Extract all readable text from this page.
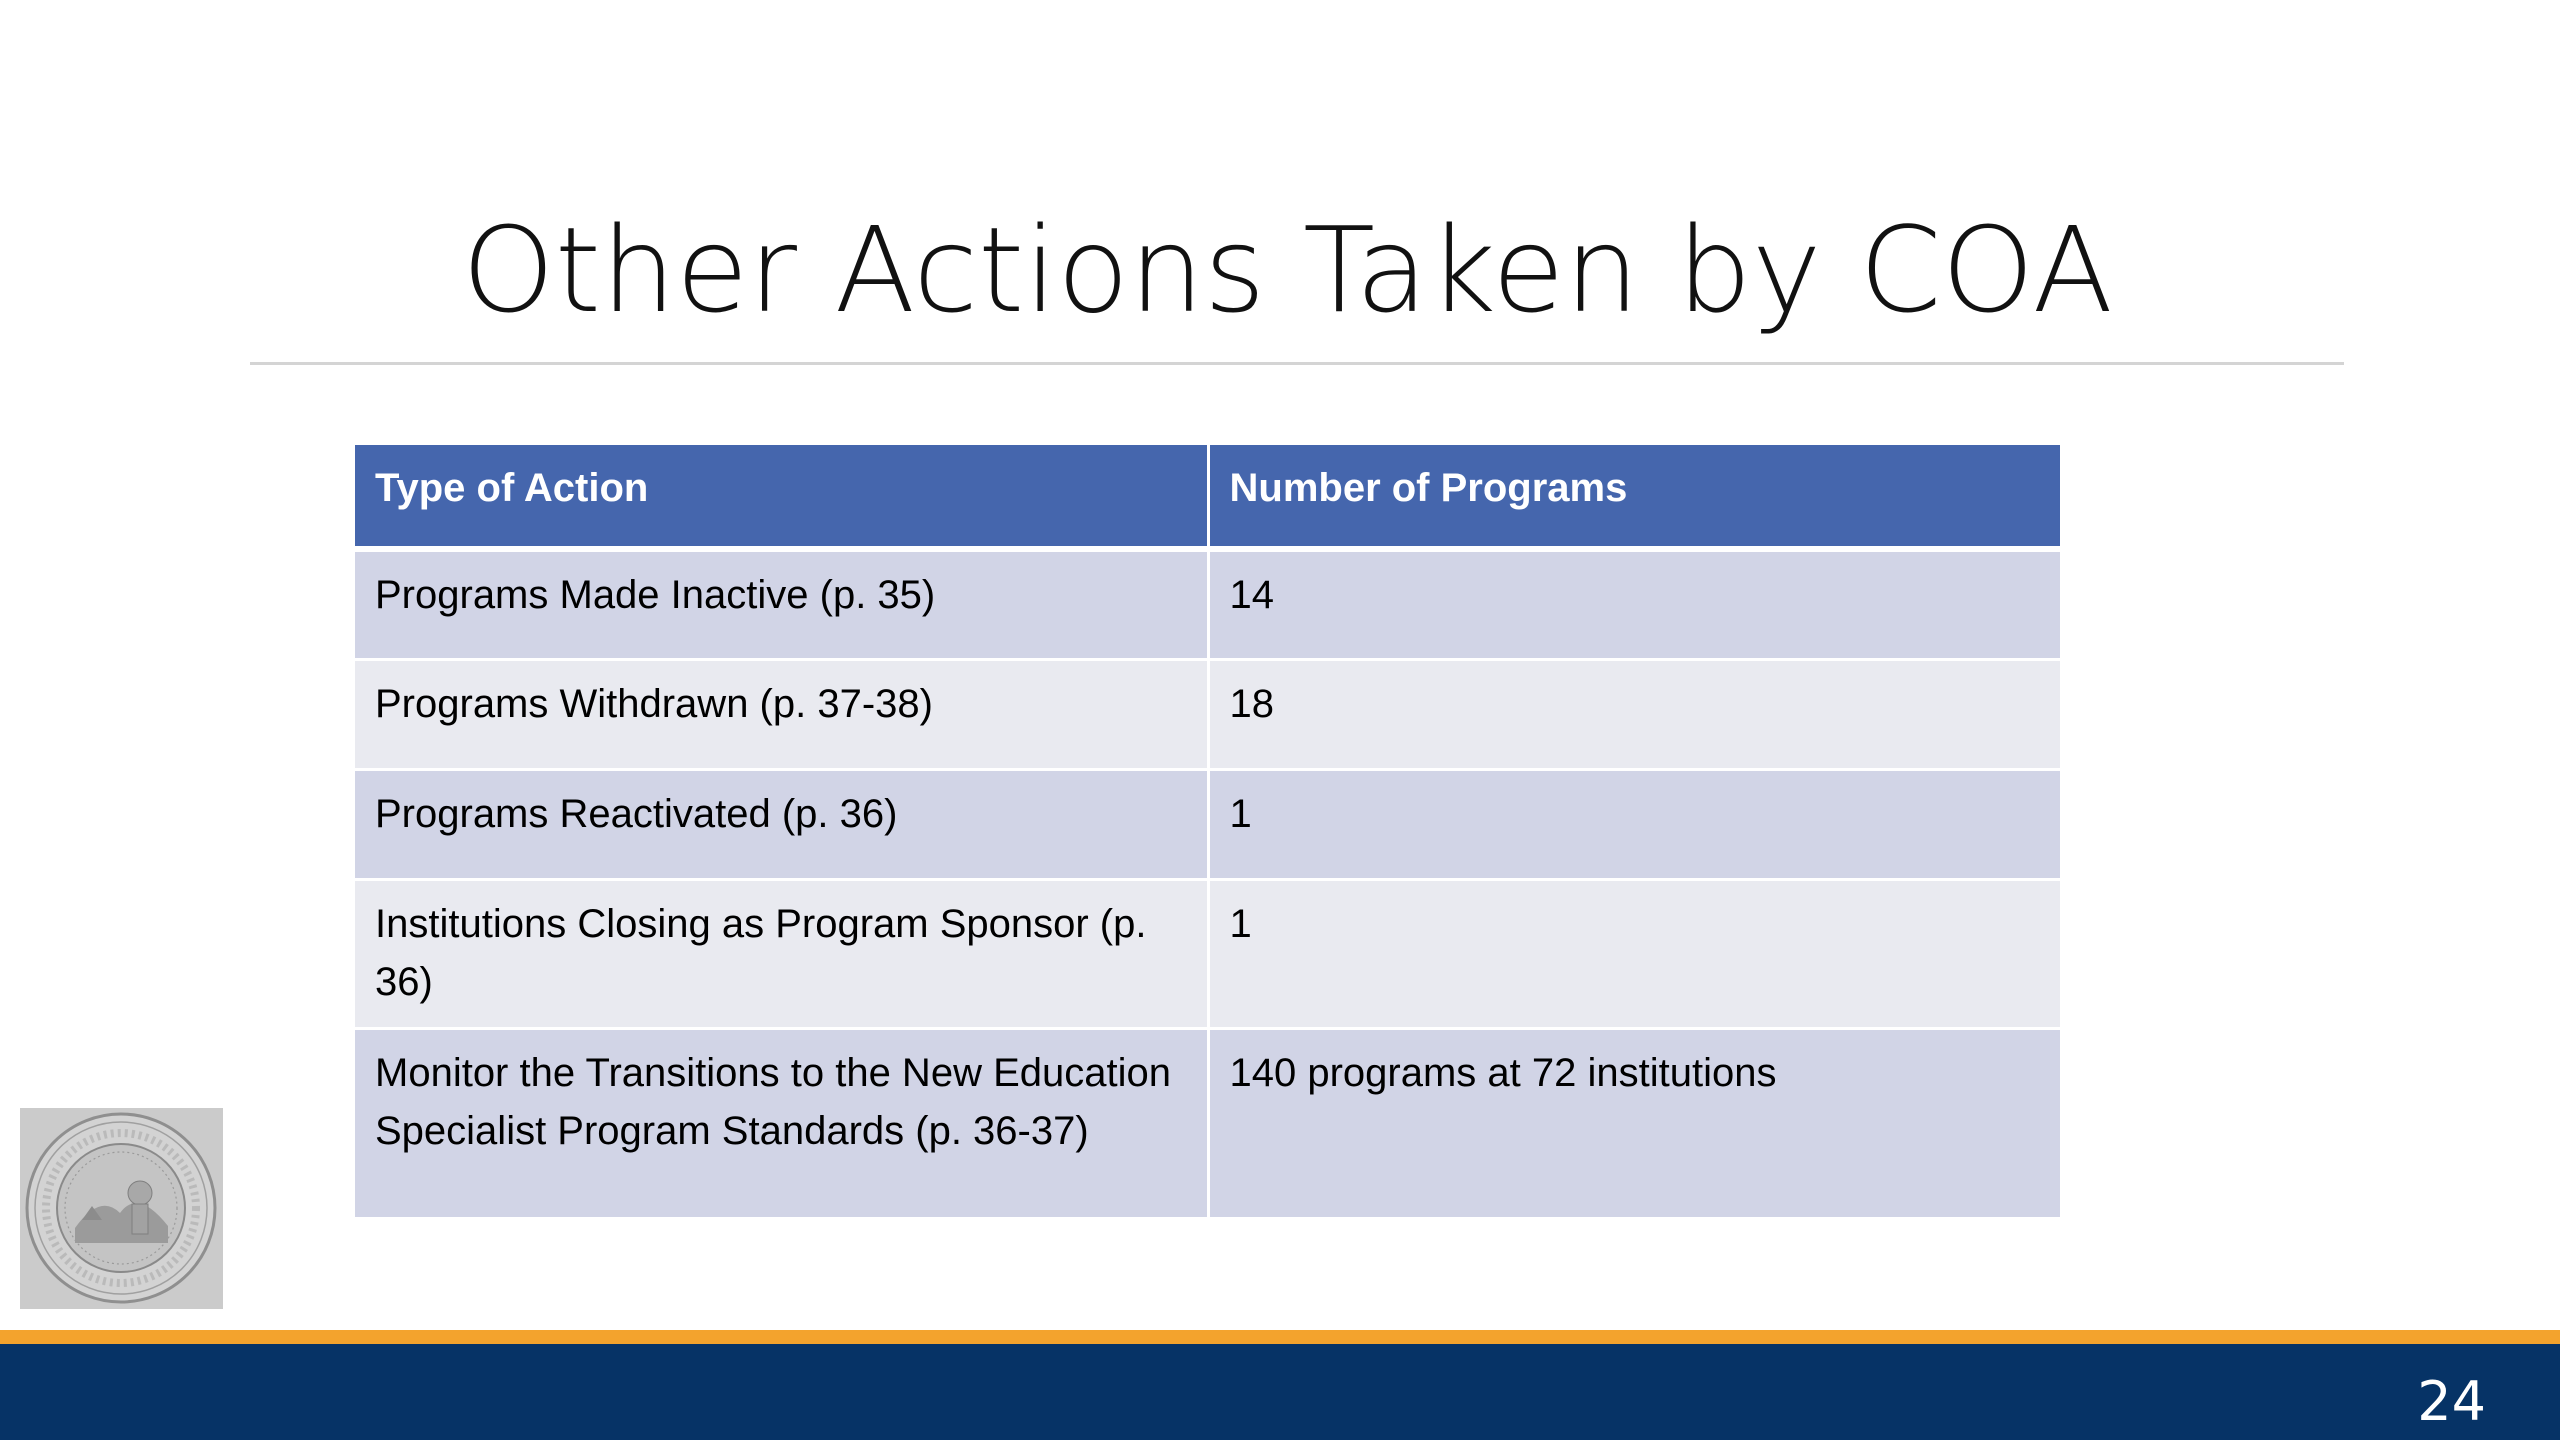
Other Actions Taken by COA
Type of Action	Number of Programs
Programs Made Inactive (p. 35)	14
Programs Withdrawn (p. 37-38)	18
Programs Reactivated (p. 36)	1
Institutions Closing as Program Sponsor (p. 36)	1
Monitor the Transitions to the New Education Specialist Program Standards (p. 36-37)	140 programs at 72 institutions
24
